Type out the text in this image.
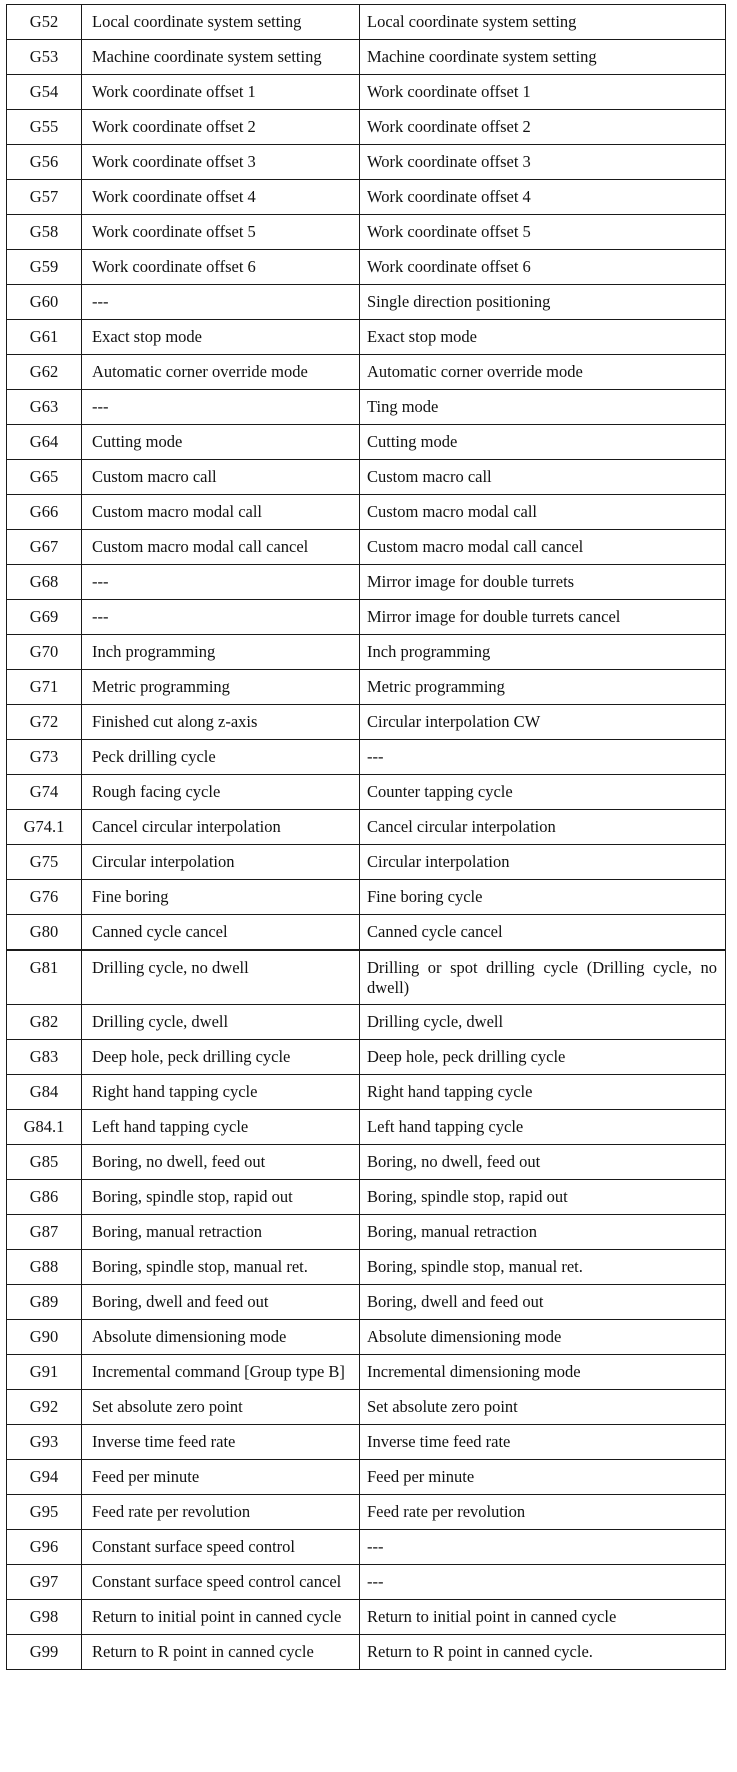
G52	Local coordinate system setting	Local coordinate system setting
G53	Machine coordinate system setting	Machine coordinate system setting
G54	Work coordinate offset 1	Work coordinate offset 1
G55	Work coordinate offset 2	Work coordinate offset 2
G56	Work coordinate offset 3	Work coordinate offset 3
G57	Work coordinate offset 4	Work coordinate offset 4
G58	Work coordinate offset 5	Work coordinate offset 5
G59	Work coordinate offset 6	Work coordinate offset 6
G60	---	Single direction positioning
G61	Exact stop mode	Exact stop mode
G62	Automatic corner override mode	Automatic corner override mode
G63	---	Ting mode
G64	Cutting mode	Cutting mode
G65	Custom macro call	Custom macro call
G66	Custom macro modal call	Custom macro modal call
G67	Custom macro modal call cancel	Custom macro modal call cancel
G68	---	Mirror image for double turrets
G69	---	Mirror image for double turrets cancel
G70	Inch programming	Inch programming
G71	Metric programming	Metric programming
G72	Finished cut along z-axis	Circular interpolation CW
G73	Peck drilling cycle	---
G74	Rough facing cycle	Counter tapping cycle
G74.1	Cancel circular interpolation	Cancel circular interpolation
G75	Circular interpolation	Circular interpolation
G76	Fine boring	Fine boring cycle
G80	Canned cycle cancel	Canned cycle cancel
G81	Drilling cycle, no dwell	Drilling or spot drilling cycle (Drilling cycle, no dwell)
G82	Drilling cycle, dwell	Drilling cycle, dwell
G83	Deep hole, peck drilling cycle	Deep hole, peck drilling cycle
G84	Right hand tapping cycle	Right hand tapping cycle
G84.1	Left hand tapping cycle	Left hand tapping cycle
G85	Boring, no dwell, feed out	Boring, no dwell, feed out
G86	Boring, spindle stop, rapid out	Boring, spindle stop, rapid out
G87	Boring, manual retraction	Boring, manual retraction
G88	Boring, spindle stop, manual ret.	Boring, spindle stop, manual ret.
G89	Boring, dwell and feed out	Boring, dwell and feed out
G90	Absolute dimensioning mode	Absolute dimensioning mode
G91	Incremental command [Group type B]	Incremental dimensioning mode
G92	Set absolute zero point	Set absolute zero point
G93	Inverse time feed rate	Inverse time feed rate
G94	Feed per minute	Feed per minute
G95	Feed rate per revolution	Feed rate per revolution
G96	Constant surface speed control	---
G97	Constant surface speed control cancel	---
G98	Return to initial point in canned cycle	Return to initial point in canned cycle
G99	Return to R point in canned cycle	Return to R point in canned cycle.
